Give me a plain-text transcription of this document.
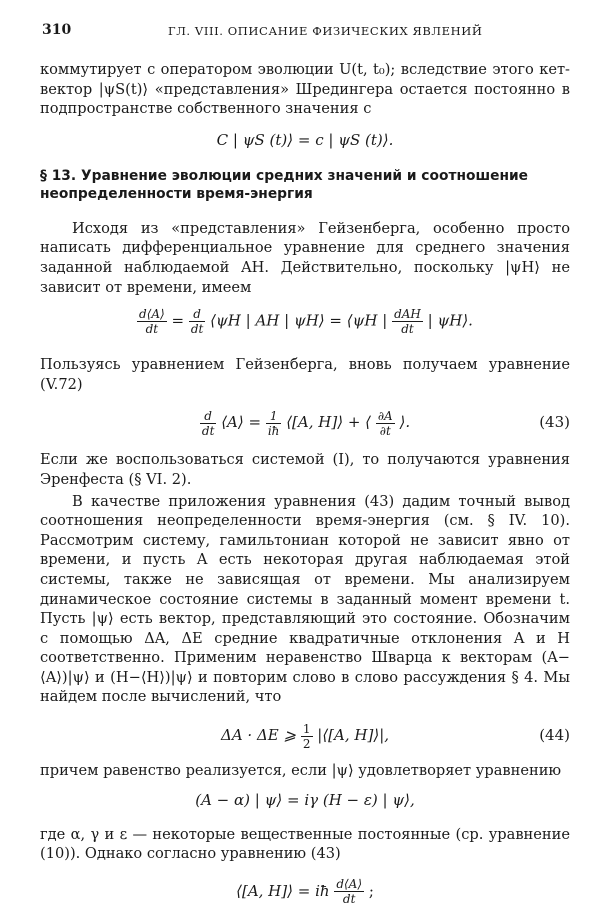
310	ГЛ. VIII. ОПИСАНИЕ ФИЗИЧЕСКИХ ЯВЛЕНИЙ

коммутирует с оператором эволюции U(t, t₀); вследствие этого кет-вектор |ψS(t)⟩ «представления» Шредингера остается постоянно в подпространстве собственного значения c

C | ψS (t)⟩ = c | ψS (t)⟩.
§ 13. Уравнение эволюции средних значений и соотношение неопределенности время-энергия

Исходя из «представления» Гейзенберга, особенно просто написать дифференциальное уравнение для среднего значения заданной наблюдаемой AH. Действительно, поскольку |ψH⟩ не зависит от времени, имеем

$\frac{d⟨A⟩}{dt} = \frac{d}{dt}$ ⟨ψH | AH | ψH⟩ = ⟨ψH | $\frac{\text{dAH}}{dt}$ | ψH⟩.

Пользуясь уравнением Гейзенберга, вновь получаем уравнение (V.72)

$\frac{d}{dt}$ ⟨A⟩ = $\frac{1}{iħ}$ ⟨[A, H]⟩ + ⟨ $\frac{\partial A}{\partial t}$ ⟩.	(43)

Если же воспользоваться системой (I), то получаются уравнения Эренфеста (§ VI. 2).

В качестве приложения уравнения (43) дадим точный вывод соотношения неопределенности время-энергия (см. § IV. 10). Рассмотрим систему, гамильтониан которой не зависит явно от времени, и пусть A есть некоторая другая наблюдаемая этой системы, также не зависящая от времени. Мы анализируем динамическое состояние системы в заданный момент времени t. Пусть |ψ⟩ есть вектор, представляющий это состояние. Обозначим с помощью ΔA, ΔE средние квадратичные отклонения A и H соответственно. Применим неравенство Шварца к векторам (A−⟨A⟩)|ψ⟩ и (H−⟨H⟩)|ψ⟩ и повторим слово в слово рассуждения § 4. Мы найдем после вычислений, что

ΔA · ΔE ⩾ $\frac{1}{2}$ |⟨[A, H]⟩|,	(44)

причем равенство реализуется, если |ψ⟩ удовлетворяет уравнению

(A − α) | ψ⟩ = iγ (H − ε) | ψ⟩,

где α, γ и ε — некоторые вещественные постоянные (ср. уравнение (10)). Однако согласно уравнению (43)

⟨[A, H]⟩ = iħ $\frac{d⟨A⟩}{dt}$ ;
